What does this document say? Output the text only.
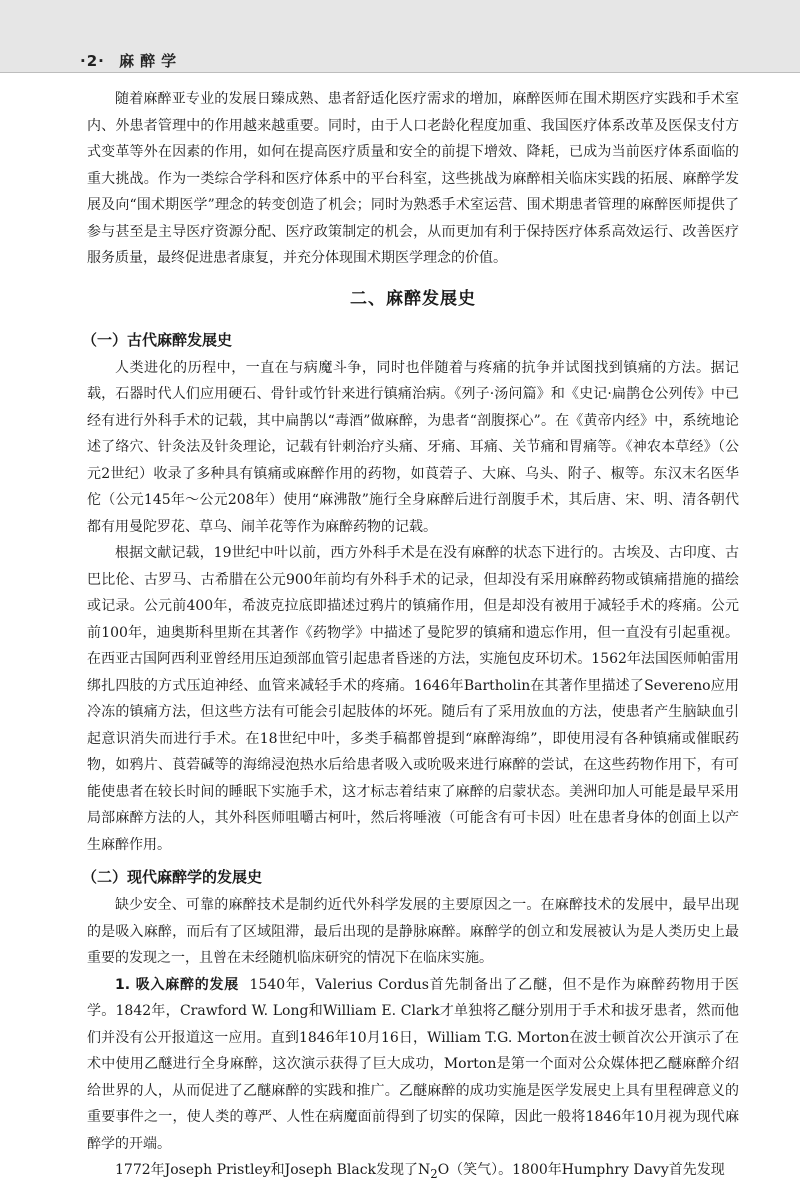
·2· 麻醉学

随着麻醉亚专业的发展日臻成熟、患者舒适化医疗需求的增加，麻醉医师在围术期医疗实践和手术室内、外患者管理中的作用越来越重要。同时，由于人口老龄化程度加重、我国医疗体系改革及医保支付方式变革等外在因素的作用，如何在提高医疗质量和安全的前提下增效、降耗，已成为当前医疗体系面临的重大挑战。作为一类综合学科和医疗体系中的平台科室，这些挑战为麻醉相关临床实践的拓展、麻醉学发展及向“围术期医学”理念的转变创造了机会；同时为熟悉手术室运营、围术期患者管理的麻醉医师提供了参与甚至是主导医疗资源分配、医疗政策制定的机会，从而更加有利于保持医疗体系高效运行、改善医疗服务质量，最终促进患者康复，并充分体现围术期医学理念的价值。

二、麻醉发展史
（一）古代麻醉发展史

人类进化的历程中，一直在与病魔斗争，同时也伴随着与疼痛的抗争并试图找到镇痛的方法。据记载，石器时代人们应用硬石、骨针或竹针来进行镇痛治病。《列子·汤问篇》和《史记·扁鹊仓公列传》中已经有进行外科手术的记载，其中扁鹊以“毒酒”做麻醉，为患者“剖腹探心”。在《黄帝内经》中，系统地论述了络穴、针灸法及针灸理论，记载有针刺治疗头痛、牙痛、耳痛、关节痛和胃痛等。《神农本草经》（公元2世纪）收录了多种具有镇痛或麻醉作用的药物，如莨菪子、大麻、乌头、附子、椒等。东汉末名医华佗（公元145年～公元208年）使用“麻沸散”施行全身麻醉后进行剖腹手术，其后唐、宋、明、清各朝代都有用曼陀罗花、草乌、闹羊花等作为麻醉药物的记载。

根据文献记载，19世纪中叶以前，西方外科手术是在没有麻醉的状态下进行的。古埃及、古印度、古巴比伦、古罗马、古希腊在公元900年前均有外科手术的记录，但却没有采用麻醉药物或镇痛措施的描绘或记录。公元前400年，希波克拉底即描述过鸦片的镇痛作用，但是却没有被用于减轻手术的疼痛。公元前100年，迪奥斯科里斯在其著作《药物学》中描述了曼陀罗的镇痛和遗忘作用，但一直没有引起重视。在西亚古国阿西利亚曾经用压迫颈部血管引起患者昏迷的方法，实施包皮环切术。1562年法国医师帕雷用绑扎四肢的方式压迫神经、血管来减轻手术的疼痛。1646年Bartholin在其著作里描述了Severeno应用冷冻的镇痛方法，但这些方法有可能会引起肢体的坏死。随后有了采用放血的方法，使患者产生脑缺血引起意识消失而进行手术。在18世纪中叶，多类手稿都曾提到“麻醉海绵”，即使用浸有各种镇痛或催眠药物，如鸦片、莨菪碱等的海绵浸泡热水后给患者吸入或吮吸来进行麻醉的尝试，在这些药物作用下，有可能使患者在较长时间的睡眠下实施手术，这才标志着结束了麻醉的启蒙状态。美洲印加人可能是最早采用局部麻醉方法的人，其外科医师咀嚼古柯叶，然后将唾液（可能含有可卡因）吐在患者身体的创面上以产生麻醉作用。

（二）现代麻醉学的发展史

缺少安全、可靠的麻醉技术是制约近代外科学发展的主要原因之一。在麻醉技术的发展中，最早出现的是吸入麻醉，而后有了区域阻滞，最后出现的是静脉麻醉。麻醉学的创立和发展被认为是人类历史上最重要的发现之一，且曾在未经随机临床研究的情况下在临床实施。

1. 吸入麻醉的发展 1540年，Valerius Cordus首先制备出了乙醚，但不是作为麻醉药物用于医学。1842年，Crawford W. Long和William E. Clark才单独将乙醚分别用于手术和拔牙患者，然而他们并没有公开报道这一应用。直到1846年10月16日，William T.G. Morton在波士顿首次公开演示了在术中使用乙醚进行全身麻醉，这次演示获得了巨大成功，Morton是第一个面对公众媒体把乙醚麻醉介绍给世界的人，从而促进了乙醚麻醉的实践和推广。乙醚麻醉的成功实施是医学发展史上具有里程碑意义的重要事件之一，使人类的尊严、人性在病魔面前得到了切实的保障，因此一般将1846年10月视为现代麻醉学的开端。

1772年Joseph Pristley和Joseph Black发现了$N_2O$（笑气）。1800年Humphry Davy首先发现
